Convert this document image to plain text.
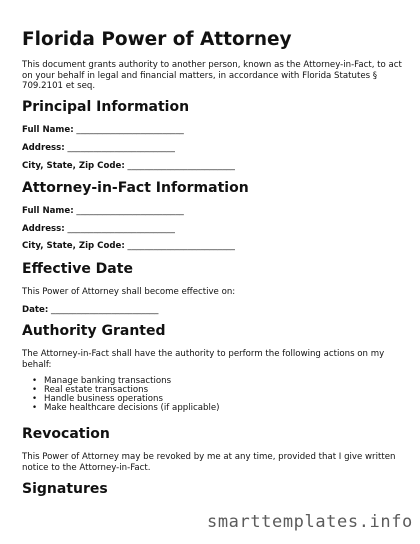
Florida Power of Attorney

This document grants authority to another person, known as the Attorney-in-Fact, to act on your behalf in legal and financial matters, in accordance with Florida Statutes § 709.2101 et seq.

Principal Information
Full Name: _________________________
Address: _________________________
City, State, Zip Code: _________________________
Attorney-in-Fact Information
Full Name: _________________________
Address: _________________________
City, State, Zip Code: _________________________
Effective Date

This Power of Attorney shall become effective on:

Date: _________________________
Authority Granted

The Attorney-in-Fact shall have the authority to perform the following actions on my behalf:

• Manage banking transactions
• Real estate transactions
• Handle business operations
• Make healthcare decisions (if applicable)
Revocation

This Power of Attorney may be revoked by me at any time, provided that I give written notice to the Attorney-in-Fact.

Signatures
smarttemplates.info
